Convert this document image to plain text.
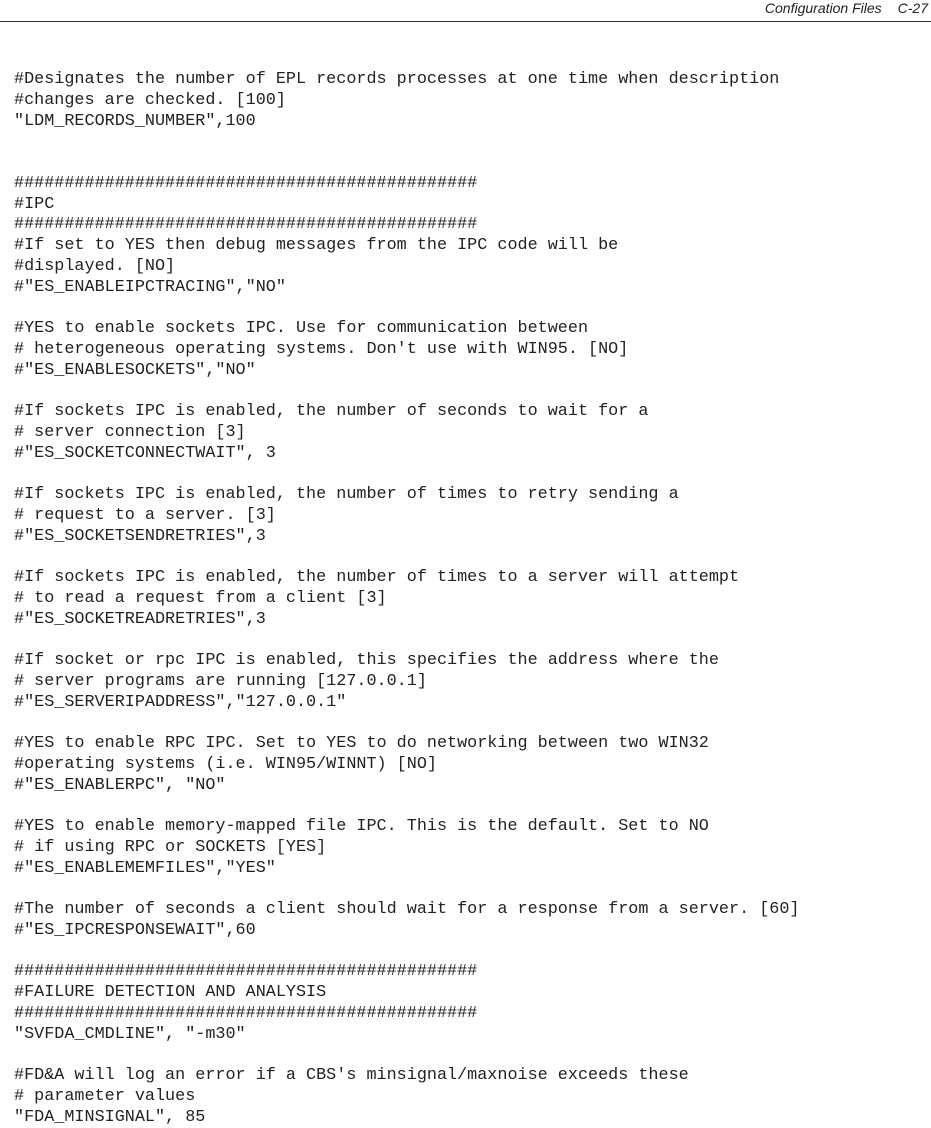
Configuration Files C-27
#Designates the number of EPL records processes at one time when description
#changes are checked. [100]
"LDM_RECORDS_NUMBER",100
##############################################
#IPC
##############################################
#If set to YES then debug messages from the IPC code will be
#displayed. [NO]
#"ES_ENABLEIPCTRACING","NO"
#YES to enable sockets IPC. Use for communication between
# heterogeneous operating systems. Don't use with WIN95. [NO]
#"ES_ENABLESOCKETS","NO"
#If sockets IPC is enabled, the number of seconds to wait for a
# server connection [3]
#"ES_SOCKETCONNECTWAIT", 3
#If sockets IPC is enabled, the number of times to retry sending a
# request to a server. [3]
#"ES_SOCKETSENDRETRIES",3
#If sockets IPC is enabled, the number of times to a server will attempt
# to read a request from a client [3]
#"ES_SOCKETREADRETRIES",3
#If socket or rpc IPC is enabled, this specifies the address where the
# server programs are running [127.0.0.1]
#"ES_SERVERIPADDRESS","127.0.0.1"
#YES to enable RPC IPC. Set to YES to do networking between two WIN32
#operating systems (i.e. WIN95/WINNT) [NO]
#"ES_ENABLERPC", "NO"
#YES to enable memory-mapped file IPC. This is the default. Set to NO
# if using RPC or SOCKETS [YES]
#"ES_ENABLEMEMFILES","YES"
#The number of seconds a client should wait for a response from a server. [60]
#"ES_IPCRESPONSEWAIT",60
##############################################
#FAILURE DETECTION AND ANALYSIS
##############################################
"SVFDA_CMDLINE", "-m30"
#FD&A will log an error if a CBS's minsignal/maxnoise exceeds these
# parameter values
"FDA_MINSIGNAL", 85
